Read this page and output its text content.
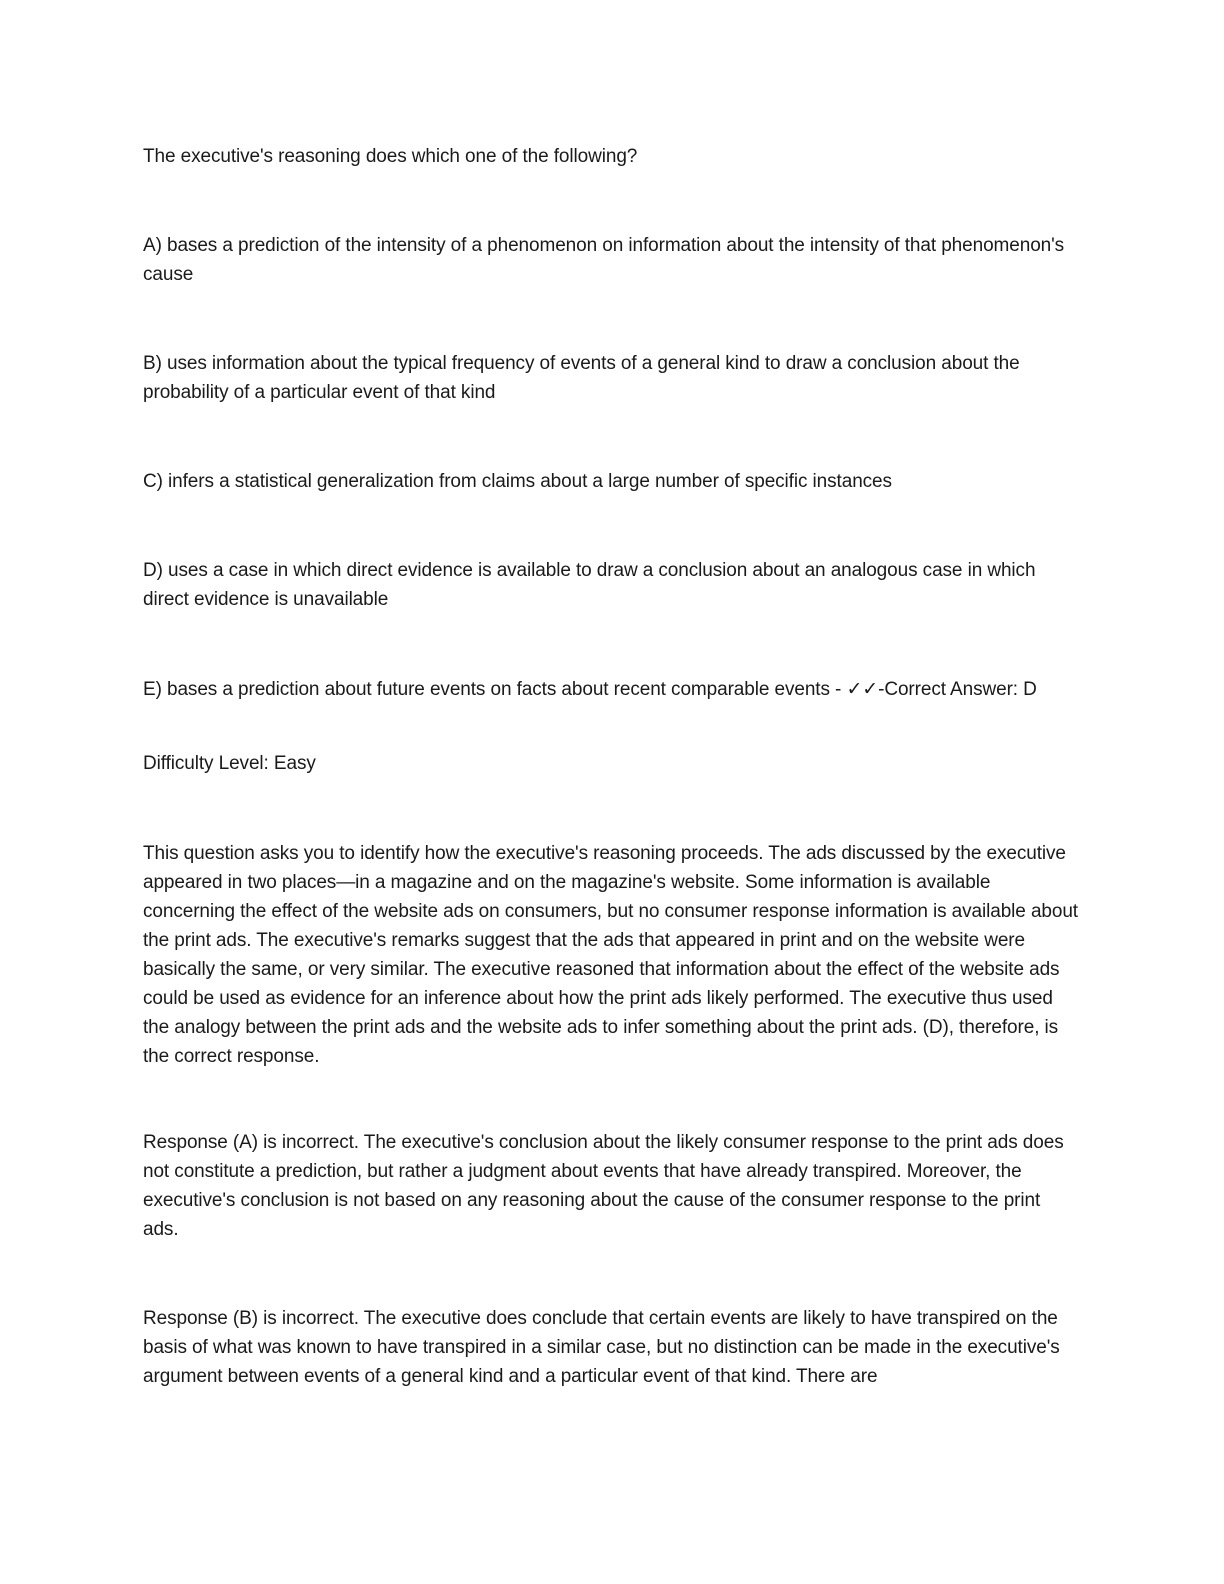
The executive's reasoning does which one of the following?

A) bases a prediction of the intensity of a phenomenon on information about the intensity of that phenomenon's cause

B) uses information about the typical frequency of events of a general kind to draw a conclusion about the probability of a particular event of that kind

C) infers a statistical generalization from claims about a large number of specific instances

D) uses a case in which direct evidence is available to draw a conclusion about an analogous case in which direct evidence is unavailable

E) bases a prediction about future events on facts about recent comparable events - ✓✓-Correct Answer: D

Difficulty Level: Easy

This question asks you to identify how the executive's reasoning proceeds. The ads discussed by the executive appeared in two places—in a magazine and on the magazine's website. Some information is available concerning the effect of the website ads on consumers, but no consumer response information is available about the print ads. The executive's remarks suggest that the ads that appeared in print and on the website were basically the same, or very similar. The executive reasoned that information about the effect of the website ads could be used as evidence for an inference about how the print ads likely performed. The executive thus used the analogy between the print ads and the website ads to infer something about the print ads. (D), therefore, is the correct response.

Response (A) is incorrect. The executive's conclusion about the likely consumer response to the print ads does not constitute a prediction, but rather a judgment about events that have already transpired. Moreover, the executive's conclusion is not based on any reasoning about the cause of the consumer response to the print ads.

Response (B) is incorrect. The executive does conclude that certain events are likely to have transpired on the basis of what was known to have transpired in a similar case, but no distinction can be made in the executive's argument between events of a general kind and a particular event of that kind. There are
